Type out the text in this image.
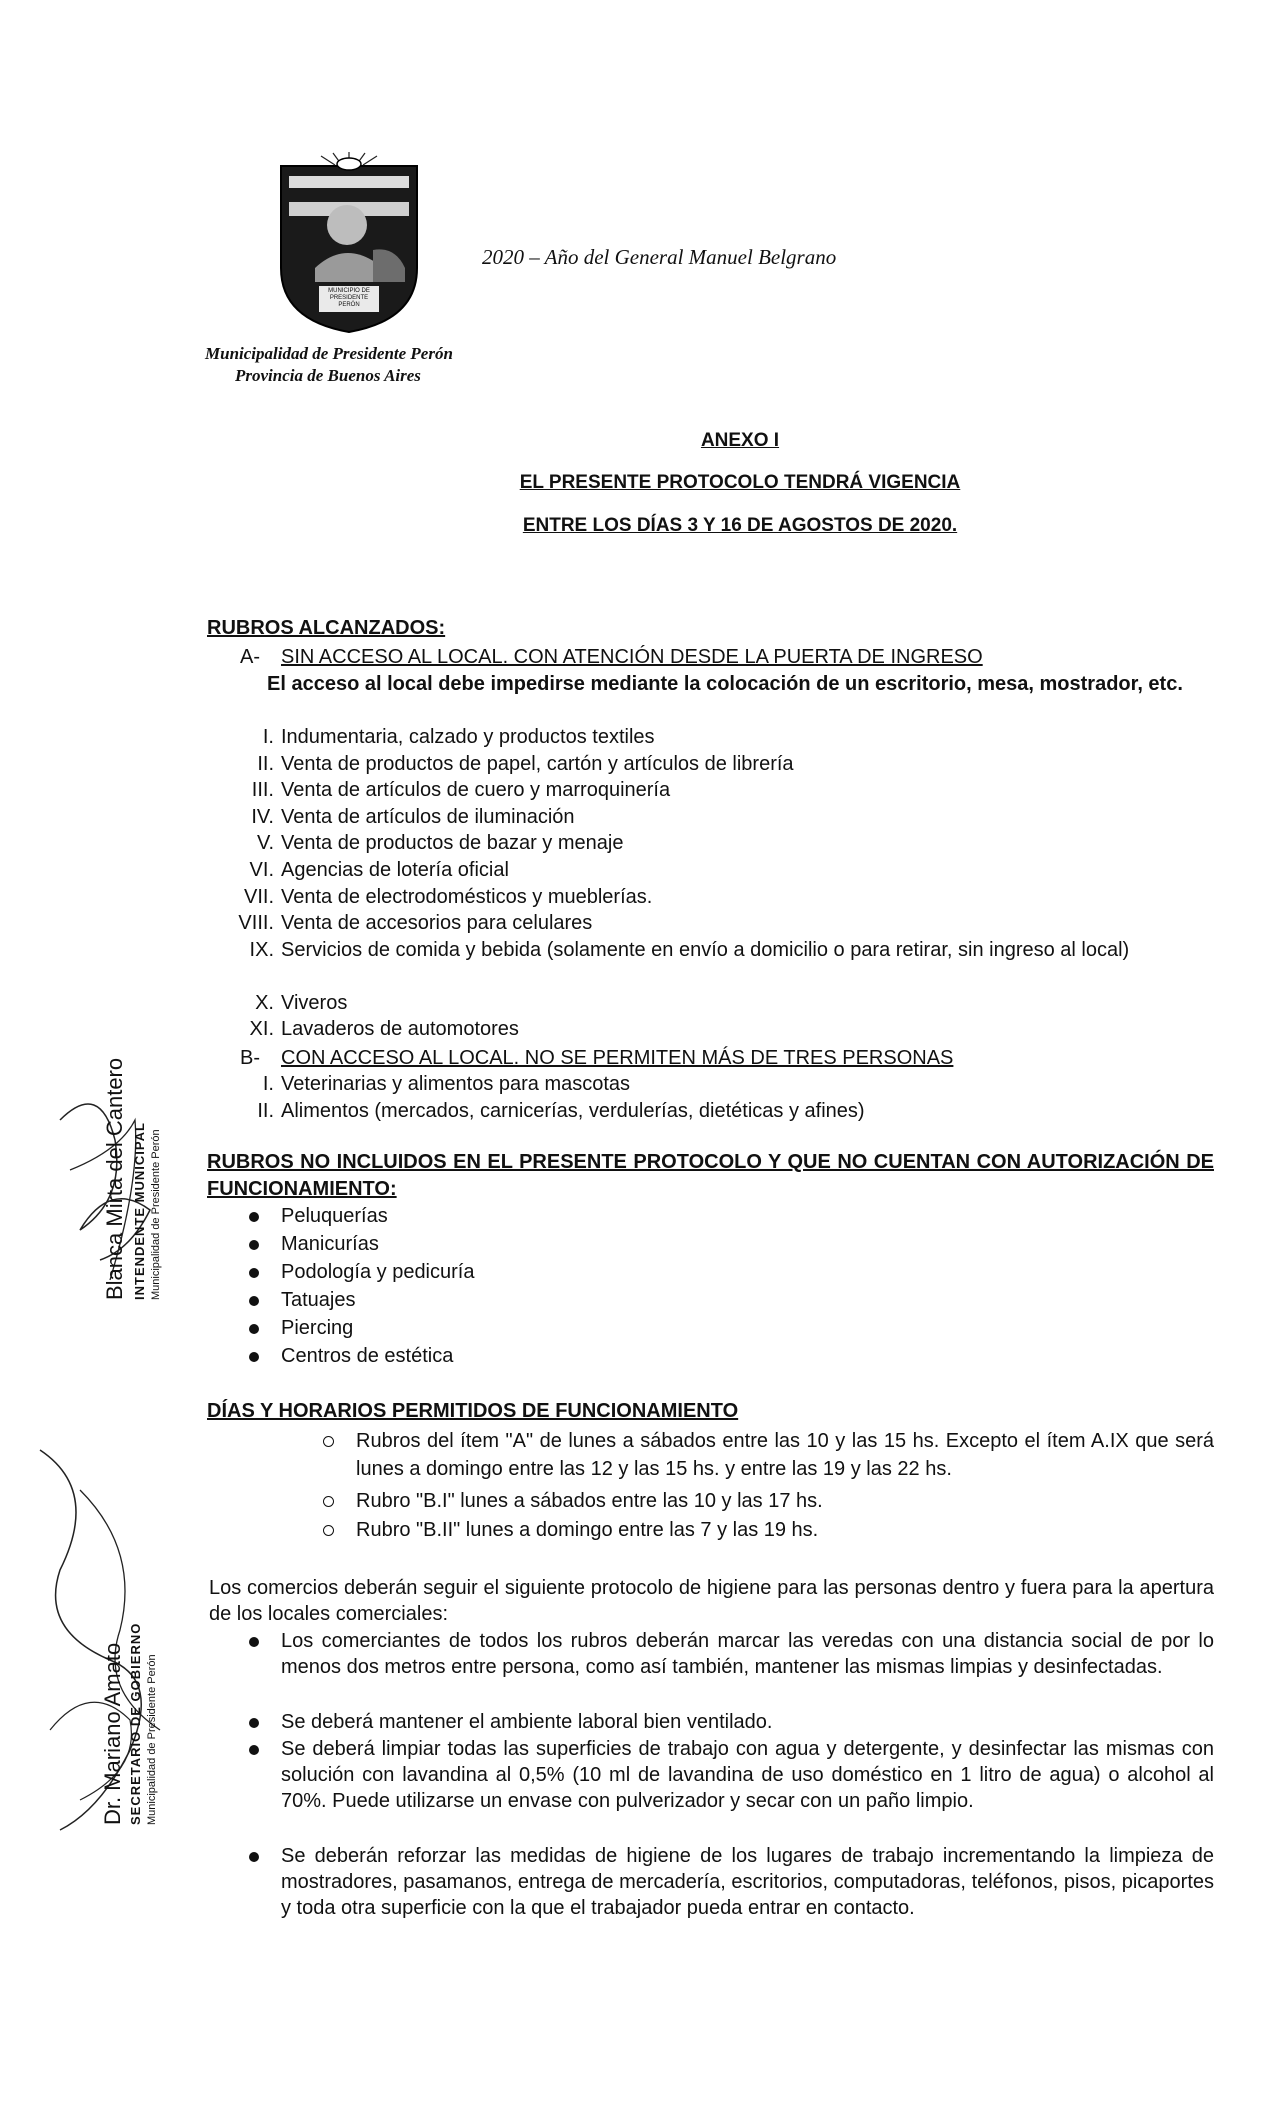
MUNICIPIO DE PRESIDENTE PERÓN
2020 – Año del General Manuel Belgrano
Municipalidad de Presidente Perón
Provincia de Buenos Aires
ANEXO I
EL PRESENTE PROTOCOLO TENDRÁ VIGENCIA
ENTRE LOS DÍAS 3 Y 16 DE AGOSTOS DE 2020.
RUBROS ALCANZADOS:
A- SIN ACCESO AL LOCAL. CON ATENCIÓN DESDE LA PUERTA DE INGRESO
El acceso al local debe impedirse mediante la colocación de un escritorio, mesa, mostrador, etc.
I. Indumentaria, calzado y productos textiles
II. Venta de productos de papel, cartón y artículos de librería
III. Venta de artículos de cuero y marroquinería
IV. Venta de artículos de iluminación
V. Venta de productos de bazar y menaje
VI. Agencias de lotería oficial
VII. Venta de electrodomésticos y mueblerías.
VIII. Venta de accesorios para celulares
IX. Servicios de comida y bebida (solamente en envío a domicilio o para retirar, sin ingreso al local)
X. Viveros
XI. Lavaderos de automotores
B- CON ACCESO AL LOCAL. NO SE PERMITEN MÁS DE TRES PERSONAS
I. Veterinarias y alimentos para mascotas
II. Alimentos (mercados, carnicerías, verdulerías, dietéticas y afines)
RUBROS NO INCLUIDOS EN EL PRESENTE PROTOCOLO Y QUE NO CUENTAN CON AUTORIZACIÓN DE FUNCIONAMIENTO:
Peluquerías
Manicurías
Podología y pedicuría
Tatuajes
Piercing
Centros de estética
DÍAS Y HORARIOS PERMITIDOS DE FUNCIONAMIENTO
Rubros del ítem "A" de lunes a sábados entre las 10 y las 15 hs. Excepto el ítem A.IX que será lunes a domingo entre las 12 y las 15 hs. y entre las 19 y las 22 hs.
Rubro "B.I" lunes a sábados entre las 10 y las 17 hs.
Rubro "B.II" lunes a domingo entre las 7 y las 19 hs.
Los comercios deberán seguir el siguiente protocolo de higiene para las personas dentro y fuera para la apertura de los locales comerciales:
Los comerciantes de todos los rubros deberán marcar las veredas con una distancia social de por lo menos dos metros entre persona, como así también, mantener las mismas limpias y desinfectadas.
Se deberá mantener el ambiente laboral bien ventilado.
Se deberá limpiar todas las superficies de trabajo con agua y detergente, y desinfectar las mismas con solución con lavandina al 0,5% (10 ml de lavandina de uso doméstico en 1 litro de agua) o alcohol al 70%. Puede utilizarse un envase con pulverizador y secar con un paño limpio.
Se deberán reforzar las medidas de higiene de los lugares de trabajo incrementando la limpieza de mostradores, pasamanos, entrega de mercadería, escritorios, computadoras, teléfonos, pisos, picaportes y toda otra superficie con la que el trabajador pueda entrar en contacto.
Blanca Mirta del Cantero INTENDENTE MUNICIPAL Municipalidad de Presidente Perón
Dr. Mariano Amato SECRETARIO DE GOBIERNO Municipalidad de Presidente Perón
